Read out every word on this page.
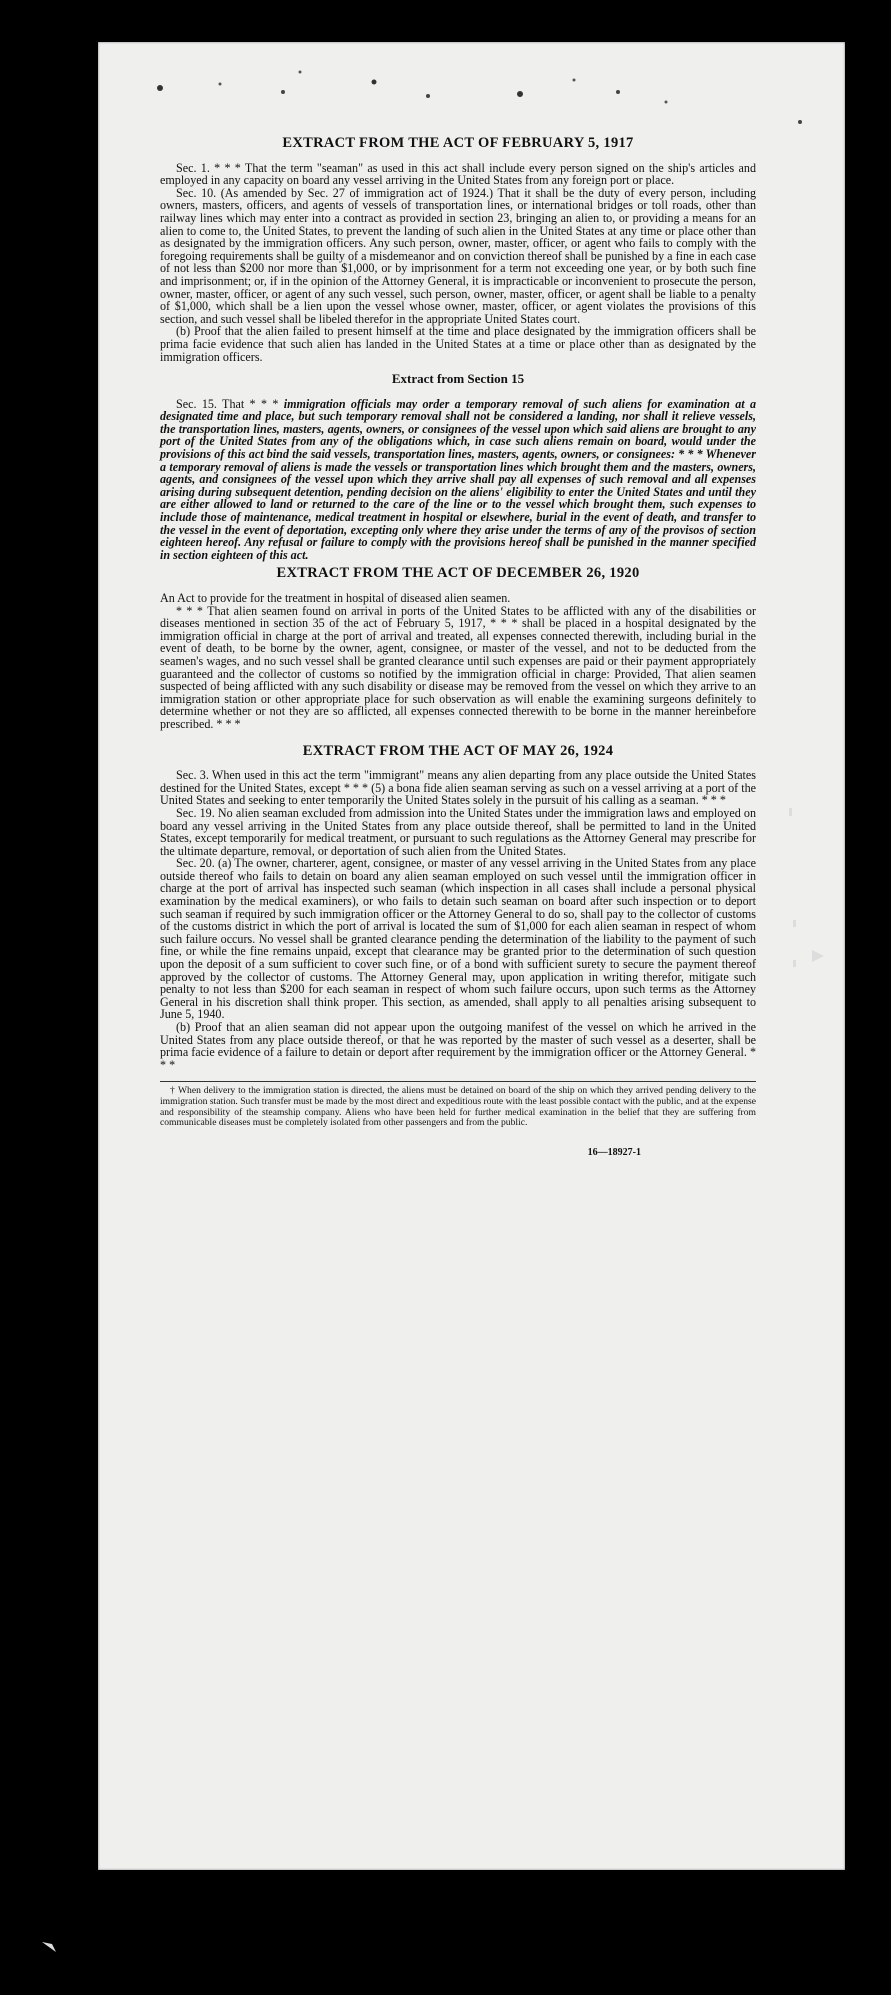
EXTRACT FROM THE ACT OF FEBRUARY 5, 1917

Sec. 1. * * * That the term "seaman" as used in this act shall include every person signed on the ship's articles and employed in any capacity on board any vessel arriving in the United States from any foreign port or place.

Sec. 10. (As amended by Sec. 27 of immigration act of 1924.) That it shall be the duty of every person, including owners, masters, officers, and agents of vessels of transportation lines, or international bridges or toll roads, other than railway lines which may enter into a contract as provided in section 23, bringing an alien to, or providing a means for an alien to come to, the United States, to prevent the landing of such alien in the United States at any time or place other than as designated by the immigration officers. Any such person, owner, master, officer, or agent who fails to comply with the foregoing requirements shall be guilty of a misdemeanor and on conviction thereof shall be punished by a fine in each case of not less than $200 nor more than $1,000, or by imprisonment for a term not exceeding one year, or by both such fine and imprisonment; or, if in the opinion of the Attorney General, it is impracticable or inconvenient to prosecute the person, owner, master, officer, or agent of any such vessel, such person, owner, master, officer, or agent shall be liable to a penalty of $1,000, which shall be a lien upon the vessel whose owner, master, officer, or agent violates the provisions of this section, and such vessel shall be libeled therefor in the appropriate United States court.

(b) Proof that the alien failed to present himself at the time and place designated by the immigration officers shall be prima facie evidence that such alien has landed in the United States at a time or place other than as designated by the immigration officers.

Extract from Section 15

Sec. 15. That * * * immigration officials may order a temporary removal of such aliens for examination at a designated time and place, but such temporary removal shall not be considered a landing, nor shall it relieve vessels, the transportation lines, masters, agents, owners, or consignees of the vessel upon which said aliens are brought to any port of the United States from any of the obligations which, in case such aliens remain on board, would under the provisions of this act bind the said vessels, transportation lines, masters, agents, owners, or consignees: * * * Whenever a temporary removal of aliens is made the vessels or transportation lines which brought them and the masters, owners, agents, and consignees of the vessel upon which they arrive shall pay all expenses of such removal and all expenses arising during subsequent detention, pending decision on the aliens' eligibility to enter the United States and until they are either allowed to land or returned to the care of the line or to the vessel which brought them, such expenses to include those of maintenance, medical treatment in hospital or elsewhere, burial in the event of death, and transfer to the vessel in the event of deportation, excepting only where they arise under the terms of any of the provisos of section eighteen hereof. Any refusal or failure to comply with the provisions hereof shall be punished in the manner specified in section eighteen of this act.

EXTRACT FROM THE ACT OF DECEMBER 26, 1920

An Act to provide for the treatment in hospital of diseased alien seamen.

* * * That alien seamen found on arrival in ports of the United States to be afflicted with any of the disabilities or diseases mentioned in section 35 of the act of February 5, 1917, * * * shall be placed in a hospital designated by the immigration official in charge at the port of arrival and treated, all expenses connected therewith, including burial in the event of death, to be borne by the owner, agent, consignee, or master of the vessel, and not to be deducted from the seamen's wages, and no such vessel shall be granted clearance until such expenses are paid or their payment appropriately guaranteed and the collector of customs so notified by the immigration official in charge: Provided, That alien seamen suspected of being afflicted with any such disability or disease may be removed from the vessel on which they arrive to an immigration station or other appropriate place for such observation as will enable the examining surgeons definitely to determine whether or not they are so afflicted, all expenses connected therewith to be borne in the manner hereinbefore prescribed. * * *

EXTRACT FROM THE ACT OF MAY 26, 1924

Sec. 3. When used in this act the term "immigrant" means any alien departing from any place outside the United States destined for the United States, except * * * (5) a bona fide alien seaman serving as such on a vessel arriving at a port of the United States and seeking to enter temporarily the United States solely in the pursuit of his calling as a seaman. * * *

Sec. 19. No alien seaman excluded from admission into the United States under the immigration laws and employed on board any vessel arriving in the United States from any place outside thereof, shall be permitted to land in the United States, except temporarily for medical treatment, or pursuant to such regulations as the Attorney General may prescribe for the ultimate departure, removal, or deportation of such alien from the United States.

Sec. 20. (a) The owner, charterer, agent, consignee, or master of any vessel arriving in the United States from any place outside thereof who fails to detain on board any alien seaman employed on such vessel until the immigration officer in charge at the port of arrival has inspected such seaman (which inspection in all cases shall include a personal physical examination by the medical examiners), or who fails to detain such seaman on board after such inspection or to deport such seaman if required by such immigration officer or the Attorney General to do so, shall pay to the collector of customs of the customs district in which the port of arrival is located the sum of $1,000 for each alien seaman in respect of whom such failure occurs. No vessel shall be granted clearance pending the determination of the liability to the payment of such fine, or while the fine remains unpaid, except that clearance may be granted prior to the determination of such question upon the deposit of a sum sufficient to cover such fine, or of a bond with sufficient surety to secure the payment thereof approved by the collector of customs. The Attorney General may, upon application in writing therefor, mitigate such penalty to not less than $200 for each seaman in respect of whom such failure occurs, upon such terms as the Attorney General in his discretion shall think proper. This section, as amended, shall apply to all penalties arising subsequent to June 5, 1940.

(b) Proof that an alien seaman did not appear upon the outgoing manifest of the vessel on which he arrived in the United States from any place outside thereof, or that he was reported by the master of such vessel as a deserter, shall be prima facie evidence of a failure to detain or deport after requirement by the immigration officer or the Attorney General. * * *

† When delivery to the immigration station is directed, the aliens must be detained on board of the ship on which they arrived pending delivery to the immigration station. Such transfer must be made by the most direct and expeditious route with the least possible contact with the public, and at the expense and responsibility of the steamship company. Aliens who have been held for further medical examination in the belief that they are suffering from communicable diseases must be completely isolated from other passengers and from the public.
16—18927-1
